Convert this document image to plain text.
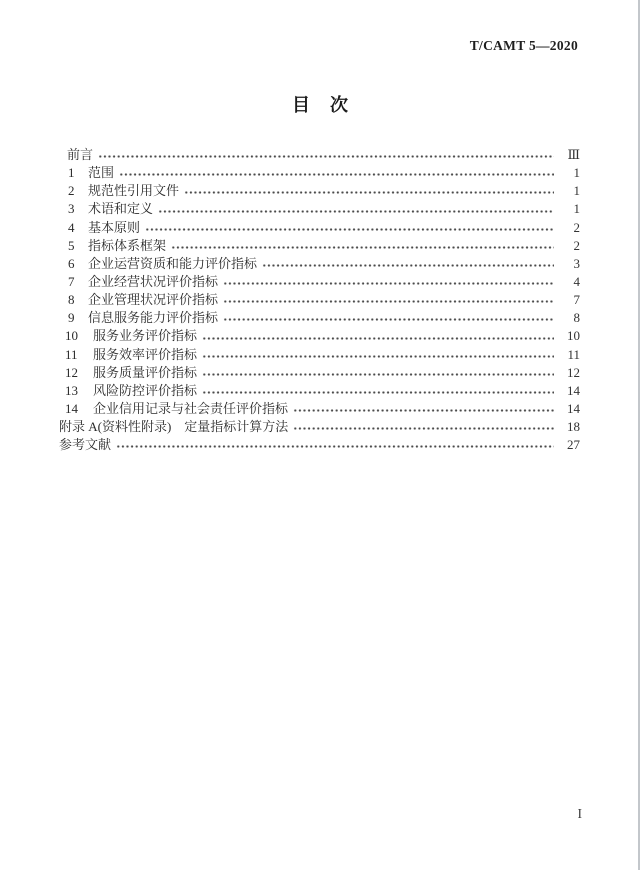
T/CAMT 5—2020
目　次
前言	Ⅲ
1	范围	1
2	规范性引用文件	1
3	术语和定义	1
4	基本原则	2
5	指标体系框架	2
6	企业运营资质和能力评价指标	3
7	企业经营状况评价指标	4
8	企业管理状况评价指标	7
9	信息服务能力评价指标	8
10	服务业务评价指标	10
11	服务效率评价指标	11
12	服务质量评价指标	12
13	风险防控评价指标	14
14	企业信用记录与社会责任评价指标	14
附录 A(资料性附录)　定量指标计算方法	18
参考文献	27
I
